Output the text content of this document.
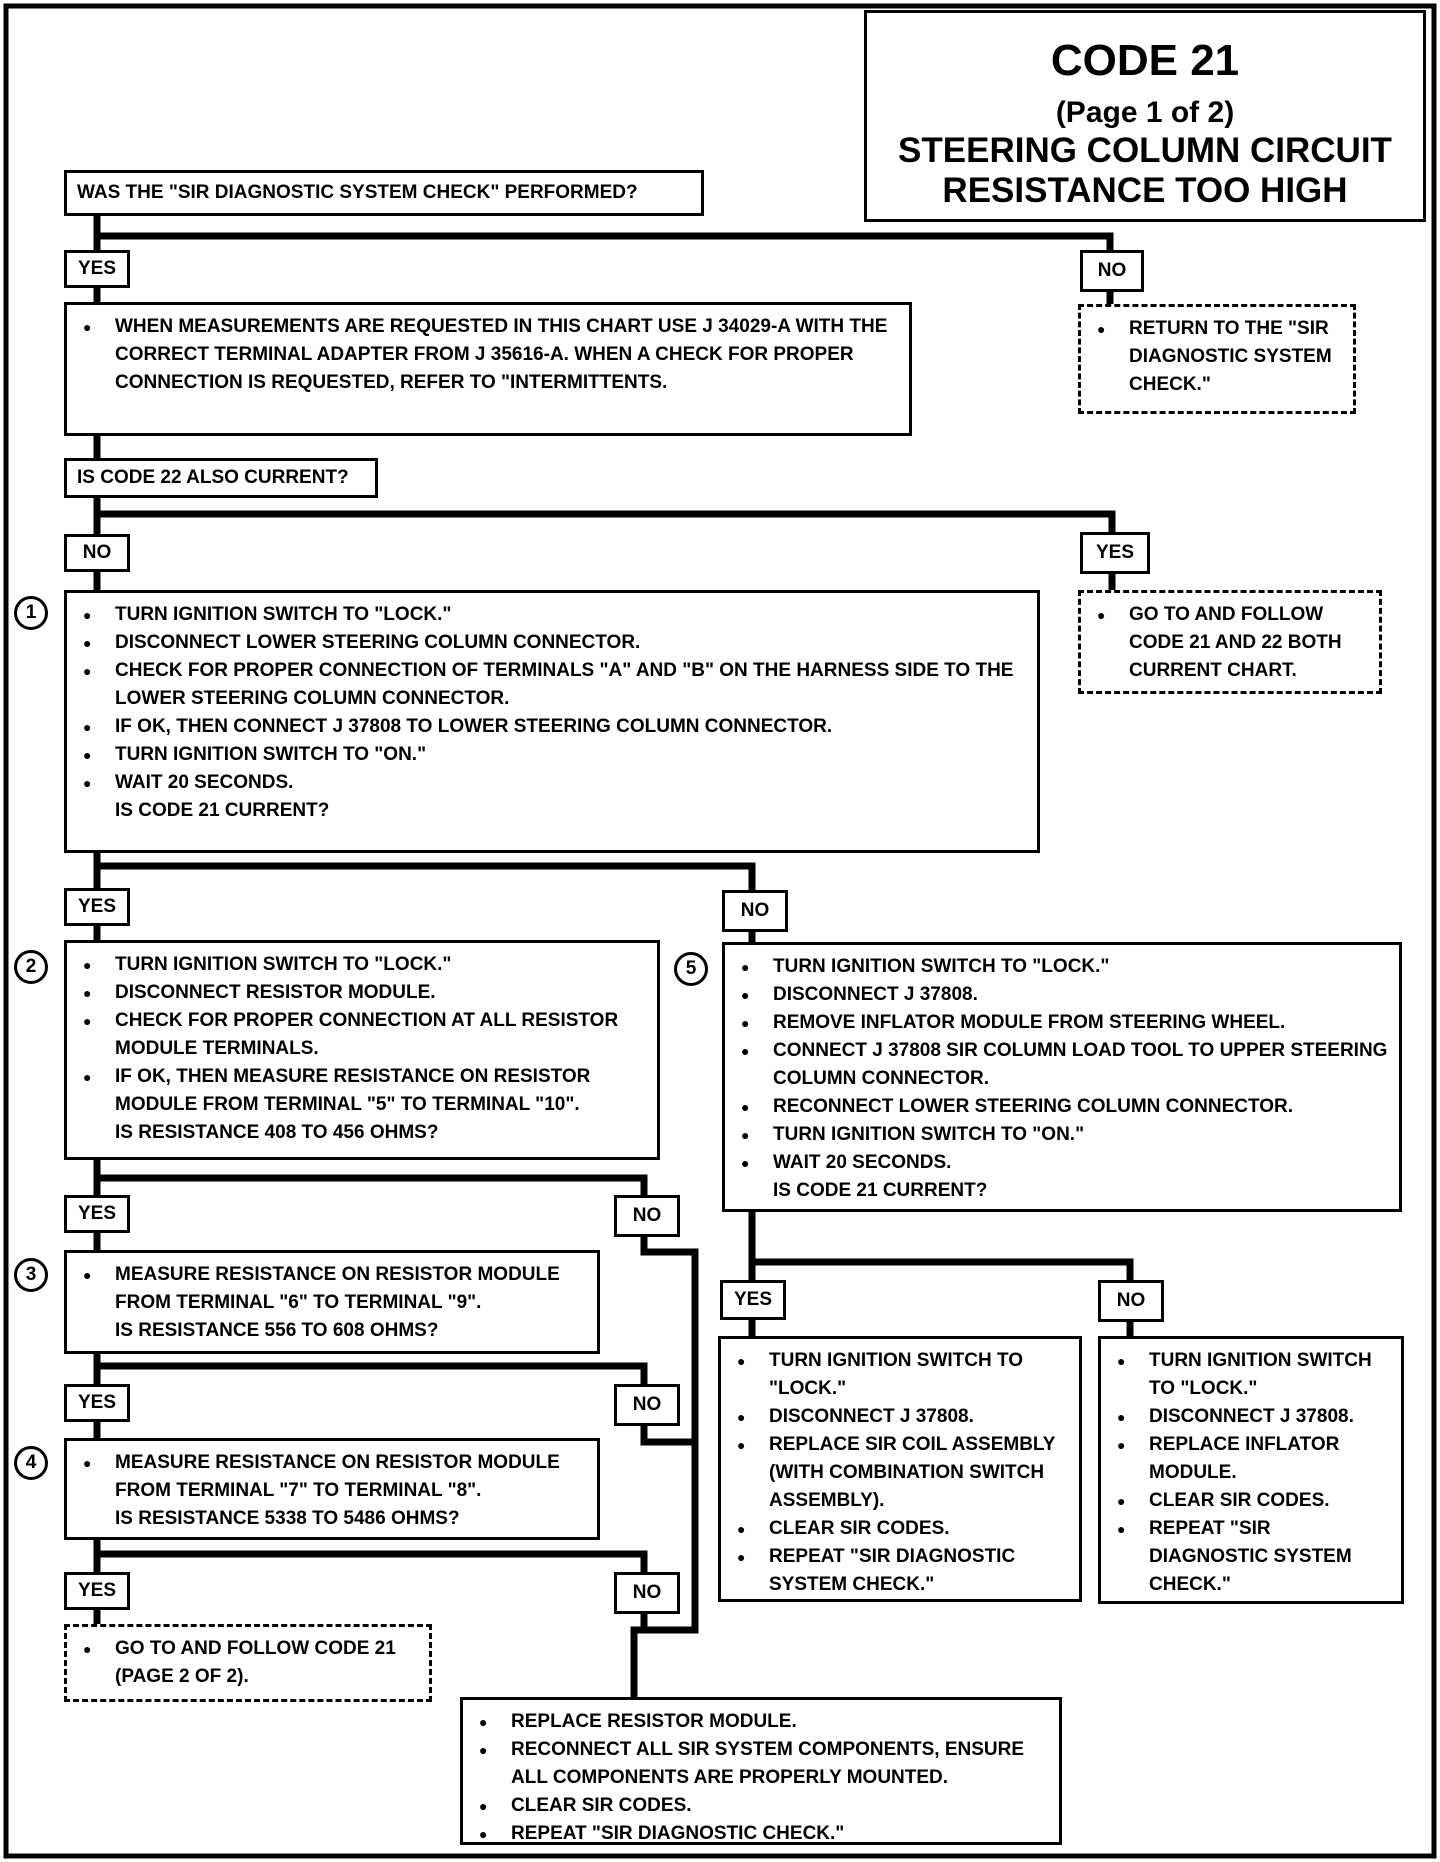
CODE 21
(Page 1 of 2)
STEERING COLUMN CIRCUIT
RESISTANCE TOO HIGH
WAS THE "SIR DIAGNOSTIC SYSTEM CHECK" PERFORMED?
YES	NO
● WHEN MEASUREMENTS ARE REQUESTED IN THIS CHART USE J 34029-A WITH THE CORRECT TERMINAL ADAPTER FROM J 35616-A. WHEN A CHECK FOR PROPER CONNECTION IS REQUESTED, REFER TO "INTERMITTENTS.
● RETURN TO THE "SIR DIAGNOSTIC SYSTEM CHECK."
IS CODE 22 ALSO CURRENT?
NO	YES
● GO TO AND FOLLOW CODE 21 AND 22 BOTH CURRENT CHART.
1	● TURN IGNITION SWITCH TO "LOCK."
● DISCONNECT LOWER STEERING COLUMN CONNECTOR.
● CHECK FOR PROPER CONNECTION OF TERMINALS "A" AND "B" ON THE HARNESS SIDE TO THE LOWER STEERING COLUMN CONNECTOR.
● IF OK, THEN CONNECT J 37808 TO LOWER STEERING COLUMN CONNECTOR.
● TURN IGNITION SWITCH TO "ON."
● WAIT 20 SECONDS.
IS CODE 21 CURRENT?
YES	NO
2	● TURN IGNITION SWITCH TO "LOCK."
● DISCONNECT RESISTOR MODULE.
● CHECK FOR PROPER CONNECTION AT ALL RESISTOR MODULE TERMINALS.
● IF OK, THEN MEASURE RESISTANCE ON RESISTOR MODULE FROM TERMINAL "5" TO TERMINAL "10".
IS RESISTANCE 408 TO 456 OHMS?
5	● TURN IGNITION SWITCH TO "LOCK."
● DISCONNECT J 37808.
● REMOVE INFLATOR MODULE FROM STEERING WHEEL.
● CONNECT J 37808 SIR COLUMN LOAD TOOL TO UPPER STEERING COLUMN CONNECTOR.
● RECONNECT LOWER STEERING COLUMN CONNECTOR.
● TURN IGNITION SWITCH TO "ON."
● WAIT 20 SECONDS.
IS CODE 21 CURRENT?
YES	NO
3	● MEASURE RESISTANCE ON RESISTOR MODULE FROM TERMINAL "6" TO TERMINAL "9".
IS RESISTANCE 556 TO 608 OHMS?
YES	NO
● TURN IGNITION SWITCH TO "LOCK."
● DISCONNECT J 37808.
● REPLACE SIR COIL ASSEMBLY (WITH COMBINATION SWITCH ASSEMBLY).
● CLEAR SIR CODES.
● REPEAT "SIR DIAGNOSTIC SYSTEM CHECK."
● TURN IGNITION SWITCH TO "LOCK."
● DISCONNECT J 37808.
● REPLACE INFLATOR MODULE.
● CLEAR SIR CODES.
● REPEAT "SIR DIAGNOSTIC SYSTEM CHECK."
YES	NO
4	● MEASURE RESISTANCE ON RESISTOR MODULE FROM TERMINAL "7" TO TERMINAL "8".
IS RESISTANCE 5338 TO 5486 OHMS?
YES	NO
● GO TO AND FOLLOW CODE 21 (PAGE 2 OF 2).
● REPLACE RESISTOR MODULE.
● RECONNECT ALL SIR SYSTEM COMPONENTS, ENSURE ALL COMPONENTS ARE PROPERLY MOUNTED.
● CLEAR SIR CODES.
● REPEAT "SIR DIAGNOSTIC CHECK."
